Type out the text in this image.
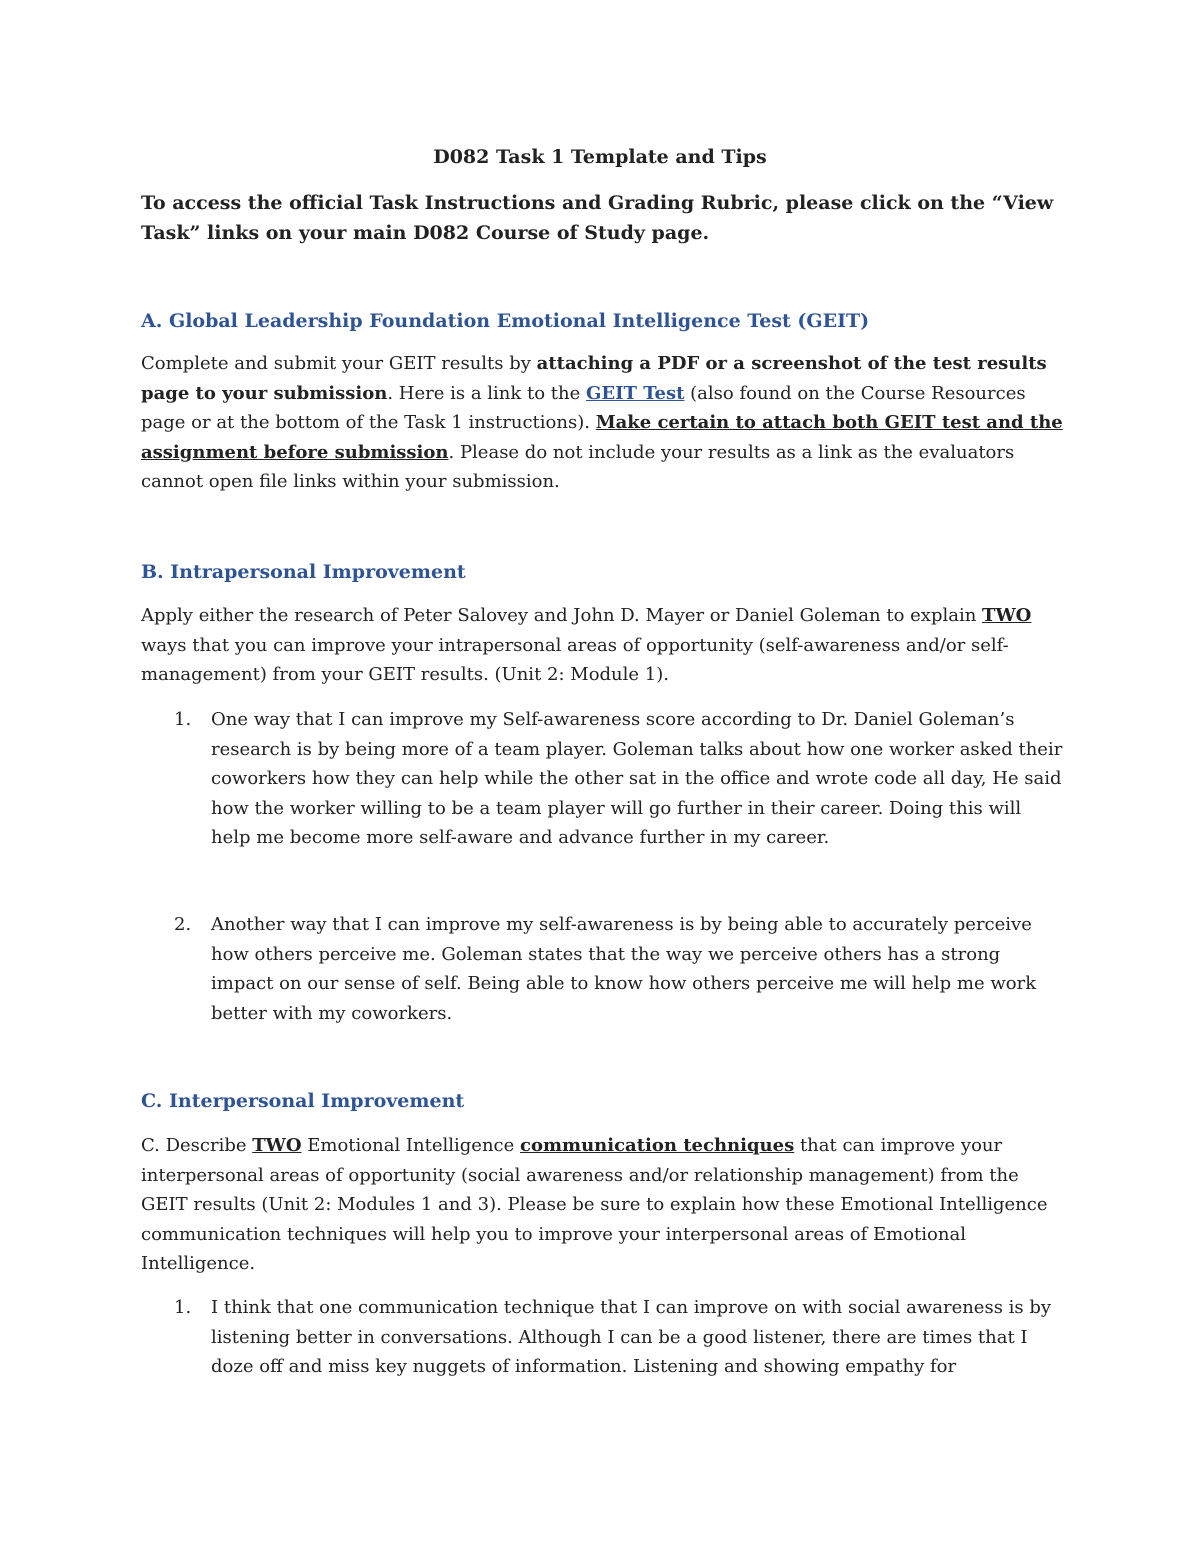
D082 Task 1 Template and Tips

To access the official Task Instructions and Grading Rubric, please click on the “View Task” links on your main D082 Course of Study page.

A. Global Leadership Foundation Emotional Intelligence Test (GEIT)

Complete and submit your GEIT results by attaching a PDF or a screenshot of the test results page to your submission. Here is a link to the GEIT Test (also found on the Course Resources page or at the bottom of the Task 1 instructions). Make certain to attach both GEIT test and the assignment before submission. Please do not include your results as a link as the evaluators cannot open file links within your submission.

B. Intrapersonal Improvement

Apply either the research of Peter Salovey and John D. Mayer or Daniel Goleman to explain TWO ways that you can improve your intrapersonal areas of opportunity (self-awareness and/or self-management) from your GEIT results. (Unit 2: Module 1).

1.	One way that I can improve my Self-awareness score according to Dr. Daniel Goleman’s research is by being more of a team player. Goleman talks about how one worker asked their coworkers how they can help while the other sat in the office and wrote code all day, He said how the worker willing to be a team player will go further in their career. Doing this will help me become more self-aware and advance further in my career.
2.	Another way that I can improve my self-awareness is by being able to accurately perceive how others perceive me. Goleman states that the way we perceive others has a strong impact on our sense of self. Being able to know how others perceive me will help me work better with my coworkers.
C. Interpersonal Improvement

C. Describe TWO Emotional Intelligence communication techniques that can improve your interpersonal areas of opportunity (social awareness and/or relationship management) from the GEIT results (Unit 2: Modules 1 and 3). Please be sure to explain how these Emotional Intelligence communication techniques will help you to improve your interpersonal areas of Emotional Intelligence.

1.	I think that one communication technique that I can improve on with social awareness is by listening better in conversations. Although I can be a good listener, there are times that I doze off and miss key nuggets of information. Listening and showing empathy for
